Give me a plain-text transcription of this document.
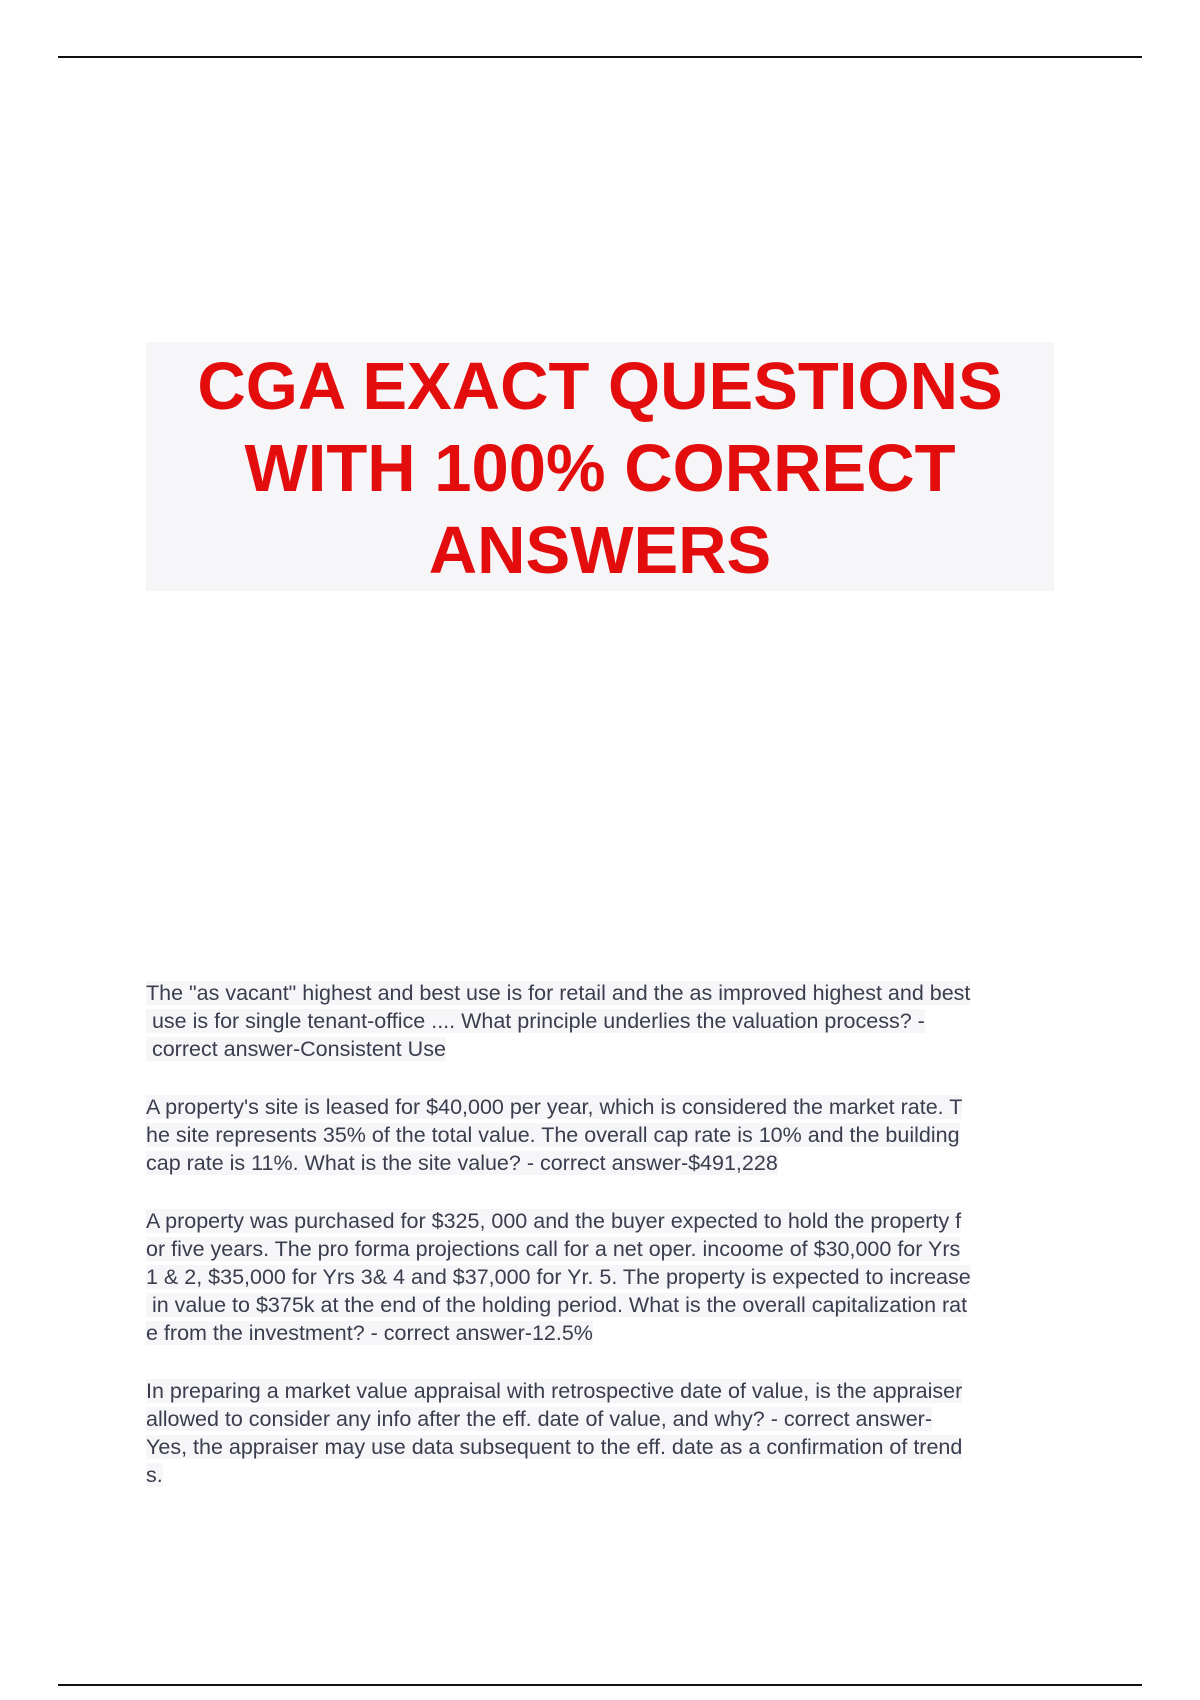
CGA EXACT QUESTIONS
WITH 100% CORRECT
ANSWERS

The "as vacant" highest and best use is for retail and the as improved highest and best
use is for single tenant-office .... What principle underlies the valuation process? -
correct answer-Consistent Use

A property's site is leased for $40,000 per year, which is considered the market rate. T
he site represents 35% of the total value. The overall cap rate is 10% and the building
cap rate is 11%. What is the site value? - correct answer-$491,228

A property was purchased for $325, 000 and the buyer expected to hold the property f
or five years. The pro forma projections call for a net oper. incoome of $30,000 for Yrs
1 & 2, $35,000 for Yrs 3& 4 and $37,000 for Yr. 5. The property is expected to increase
in value to $375k at the end of the holding period. What is the overall capitalization rat
e from the investment? - correct answer-12.5%

In preparing a market value appraisal with retrospective date of value, is the appraiser
allowed to consider any info after the eff. date of value, and why? - correct answer-
Yes, the appraiser may use data subsequent to the eff. date as a confirmation of trend
s.
